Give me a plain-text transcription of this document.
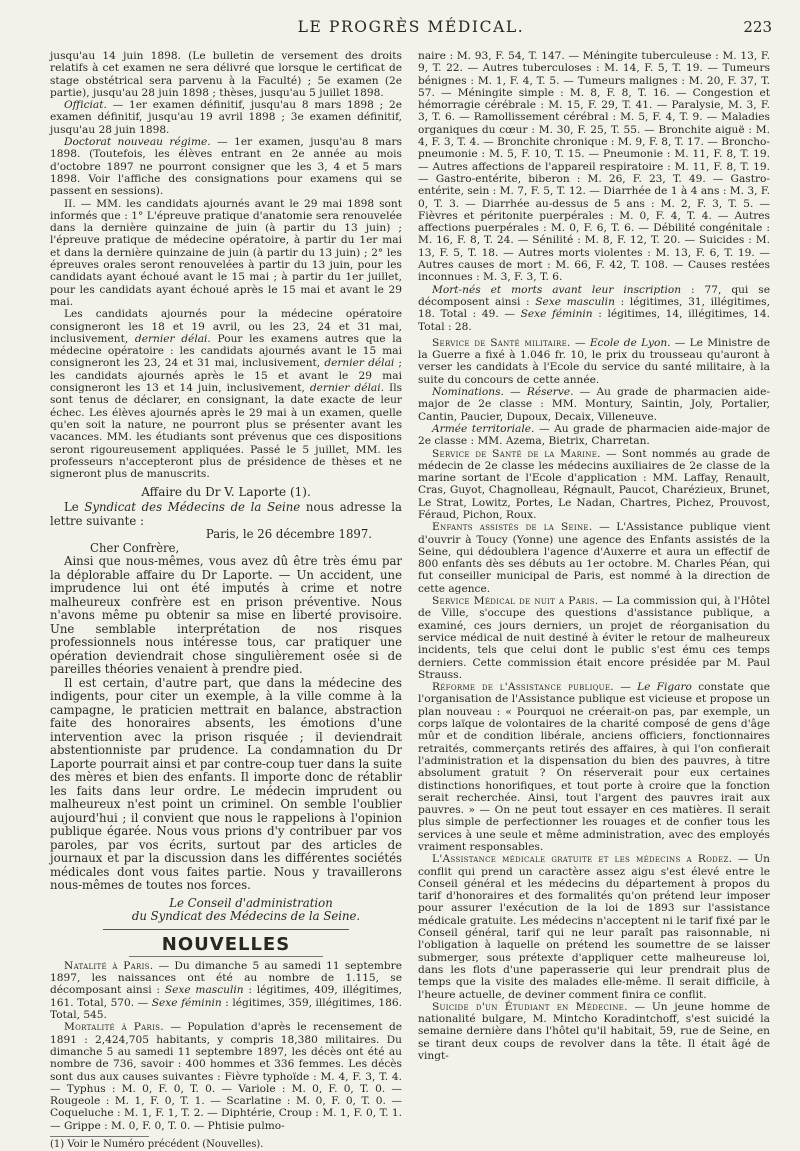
LE PROGRÈS MÉDICAL.	223

jusqu'au 14 juin 1898. (Le bulletin de versement des droits relatifs à cet examen ne sera délivré que lorsque le certificat de stage obstétrical sera parvenu à la Faculté) ; 5e examen (2e partie), jusqu'au 28 juin 1898 ; thèses, jusqu'au 5 juillet 1898.

Officiat. — 1er examen définitif, jusqu'au 8 mars 1898 ; 2e examen définitif, jusqu'au 19 avril 1898 ; 3e examen définitif, jusqu'au 28 juin 1898.

Doctorat nouveau régime. — 1er examen, jusqu'au 8 mars 1898. (Toutefois, les élèves entrant en 2e année au mois d'octobre 1897 ne pourront consigner que les 3, 4 et 5 mars 1898. Voir l'affiche des consignations pour examens qui se passent en sessions).

II. — MM. les candidats ajournés avant le 29 mai 1898 sont informés que : 1° L'épreuve pratique d'anatomie sera renouvelée dans la dernière quinzaine de juin (à partir du 13 juin) ; l'épreuve pratique de médecine opératoire, à partir du 1er mai et dans la dernière quinzaine de juin (à partir du 13 juin) ; 2° les épreuves orales seront renouvelées à partir du 13 juin, pour les candidats ayant échoué avant le 15 mai ; à partir du 1er juillet, pour les candidats ayant échoué après le 15 mai et avant le 29 mai.

Les candidats ajournés pour la médecine opératoire consigneront les 18 et 19 avril, ou les 23, 24 et 31 mai, inclusivement, dernier délai. Pour les examens autres que la médecine opératoire : les candidats ajournés avant le 15 mai consigneront les 23, 24 et 31 mai, inclusivement, dernier délai ; les candidats ajournés après le 15 et avant le 29 mai consigneront les 13 et 14 juin, inclusivement, dernier délai. Ils sont tenus de déclarer, en consignant, la date exacte de leur échec. Les élèves ajournés après le 29 mai à un examen, quelle qu'en soit la nature, ne pourront plus se présenter avant les vacances. MM. les étudiants sont prévenus que ces dispositions seront rigoureusement appliquées. Passé le 5 juillet, MM. les professeurs n'accepteront plus de présidence de thèses et ne signeront plus de manuscrits.

Affaire du Dr V. Laporte (1).

Le Syndicat des Médecins de la Seine nous adresse la lettre suivante :

Paris, le 26 décembre 1897.

Cher Confrère,

Ainsi que nous-mêmes, vous avez dû être très ému par la déplorable affaire du Dr Laporte. — Un accident, une imprudence lui ont été imputés à crime et notre malheureux confrère est en prison préventive. Nous n'avons même pu obtenir sa mise en liberté provisoire. Une semblable interprétation de nos risques professionnels nous intéresse tous, car pratiquer une opération deviendrait chose singulièrement osée si de pareilles théories venaient à prendre pied.

Il est certain, d'autre part, que dans la médecine des indigents, pour citer un exemple, à la ville comme à la campagne, le praticien mettrait en balance, abstraction faite des honoraires absents, les émotions d'une intervention avec la prison risquée ; il deviendrait abstentionniste par prudence. La condamnation du Dr Laporte pourrait ainsi et par contre-coup tuer dans la suite des mères et bien des enfants. Il importe donc de rétablir les faits dans leur ordre. Le médecin imprudent ou malheureux n'est point un criminel. On semble l'oublier aujourd'hui ; il convient que nous le rappelions à l'opinion publique égarée. Nous vous prions d'y contribuer par vos paroles, par vos écrits, surtout par des articles de journaux et par la discussion dans les différentes sociétés médicales dont vous faites partie. Nous y travaillerons nous-mêmes de toutes nos forces.

Le Conseil d'administration
du Syndicat des Médecins de la Seine.
NOUVELLES

Natalité à Paris. — Du dimanche 5 au samedi 11 septembre 1897, les naissances ont été au nombre de 1.115, se décomposant ainsi : Sexe masculin : légitimes, 409, illégitimes, 161. Total, 570. — Sexe féminin : légitimes, 359, illégitimes, 186. Total, 545.

Mortalité à Paris. — Population d'après le recensement de 1891 : 2,424,705 habitants, y compris 18,380 militaires. Du dimanche 5 au samedi 11 septembre 1897, les décès ont été au nombre de 736, savoir : 400 hommes et 336 femmes. Les décès sont dus aux causes suivantes : Fièvre typhoïde : M. 4, F. 3, T. 4. — Typhus : M. 0, F. 0, T. 0. — Variole : M. 0, F. 0, T. 0. — Rougeole : M. 1, F. 0, T. 1. — Scarlatine : M. 0, F. 0, T. 0. — Coqueluche : M. 1, F. 1, T. 2. — Diphtérie, Croup : M. 1, F. 0, T. 1. — Grippe : M. 0, F. 0, T. 0. — Phtisie pulmo-

(1) Voir le Numéro précédent (Nouvelles).

naire : M. 93, F. 54, T. 147. — Méningite tuberculeuse : M. 13, F. 9, T. 22. — Autres tuberculoses : M. 14, F. 5, T. 19. — Tumeurs bénignes : M. 1, F. 4, T. 5. — Tumeurs malignes : M. 20, F. 37, T. 57. — Méningite simple : M. 8, F. 8, T. 16. — Congestion et hémorragie cérébrale : M. 15, F. 29, T. 41. — Paralysie, M. 3, F. 3, T. 6. — Ramollissement cérébral : M. 5, F. 4, T. 9. — Maladies organiques du cœur : M. 30, F. 25, T. 55. — Bronchite aiguë : M. 4, F. 3, T. 4. — Bronchite chronique : M. 9, F. 8, T. 17. — Broncho-pneumonie : M. 5, F. 10, T. 15. — Pneumonie : M. 11, F. 8, T. 19. — Autres affections de l'appareil respiratoire : M. 11, F. 8, T. 19. — Gastro-entérite, biberon : M. 26, F. 23, T. 49. — Gastro-entérite, sein : M. 7, F. 5, T. 12. — Diarrhée de 1 à 4 ans : M. 3, F. 0, T. 3. — Diarrhée au-dessus de 5 ans : M. 2, F. 3, T. 5. — Fièvres et péritonite puerpérales : M. 0, F. 4, T. 4. — Autres affections puerpérales : M. 0, F. 6, T. 6. — Débilité congénitale : M. 16, F. 8, T. 24. — Sénilité : M. 8, F. 12, T. 20. — Suicides : M. 13, F. 5, T. 18. — Autres morts violentes : M. 13, F. 6, T. 19. — Autres causes de mort : M. 66, F. 42, T. 108. — Causes restées inconnues : M. 3, F. 3, T. 6.

Mort-nés et morts avant leur inscription : 77, qui se décomposent ainsi : Sexe masculin : légitimes, 31, illégitimes, 18. Total : 49. — Sexe féminin : légitimes, 14, illégitimes, 14. Total : 28.

Service de Santé militaire. — Ecole de Lyon. — Le Ministre de la Guerre a fixé à 1.046 fr. 10, le prix du trousseau qu'auront à verser les candidats à l'Ecole du service du santé militaire, à la suite du concours de cette année.

Nominations. — Réserve. — Au grade de pharmacien aide-major de 2e classe : MM. Montury, Saintin, Joly, Portalier, Cantin, Paucier, Dupoux, Decaix, Villeneuve.

Armée territoriale. — Au grade de pharmacien aide-major de 2e classe : MM. Azema, Bietrix, Charretan.

Service de Santé de la Marine. — Sont nommés au grade de médecin de 2e classe les médecins auxiliaires de 2e classe de la marine sortant de l'Ecole d'application : MM. Laffay, Renault, Cras, Guyot, Chagnolleau, Régnault, Paucot, Charézieux, Brunet, Le Strat, Lowitz, Portes, Le Nadan, Chartres, Pichez, Prouvost, Féraud, Pichon, Roux.

Enfants assistés de la Seine. — L'Assistance publique vient d'ouvrir à Toucy (Yonne) une agence des Enfants assistés de la Seine, qui dédoublera l'agence d'Auxerre et aura un effectif de 800 enfants dès ses débuts au 1er octobre. M. Charles Péan, qui fut conseiller municipal de Paris, est nommé à la direction de cette agence.

Service Médical de nuit a Paris. — La commission qui, à l'Hôtel de Ville, s'occupe des questions d'assistance publique, a examiné, ces jours derniers, un projet de réorganisation du service médical de nuit destiné à éviter le retour de malheureux incidents, tels que celui dont le public s'est ému ces temps derniers. Cette commission était encore présidée par M. Paul Strauss.

Réforme de l'Assistance publique. — Le Figaro constate que l'organisation de l'Assistance publique est vicieuse et propose un plan nouveau : « Pourquoi ne créerait-on pas, par exemple, un corps laïque de volontaires de la charité composé de gens d'âge mûr et de condition libérale, anciens officiers, fonctionnaires retraités, commerçants retirés des affaires, à qui l'on confierait l'administration et la dispensation du bien des pauvres, à titre absolument gratuit ? On réserverait pour eux certaines distinctions honorifiques, et tout porte à croire que la fonction serait recherchée. Ainsi, tout l'argent des pauvres irait aux pauvres. » — On ne peut tout essayer en ces matières. Il serait plus simple de perfectionner les rouages et de confier tous les services à une seule et même administration, avec des employés vraiment responsables.

L'Assistance médicale gratuite et les médecins a Rodez. — Un conflit qui prend un caractère assez aigu s'est élevé entre le Conseil général et les médecins du département à propos du tarif d'honoraires et des formalités qu'on prétend leur imposer pour assurer l'exécution de la loi de 1893 sur l'assistance médicale gratuite. Les médecins n'acceptent ni le tarif fixé par le Conseil général, tarif qui ne leur paraît pas raisonnable, ni l'obligation à laquelle on prétend les soumettre de se laisser submerger, sous prétexte d'appliquer cette malheureuse loi, dans les flots d'une paperasserie qui leur prendrait plus de temps que la visite des malades elle-même. Il serait difficile, à l'heure actuelle, de deviner comment finira ce conflit.

Suicide d'un Étudiant en Médecine. — Un jeune homme de nationalité bulgare, M. Mintcho Koradintchoff, s'est suicidé la semaine dernière dans l'hôtel qu'il habitait, 59, rue de Seine, en se tirant deux coups de revolver dans la tête. Il était âgé de vingt-
